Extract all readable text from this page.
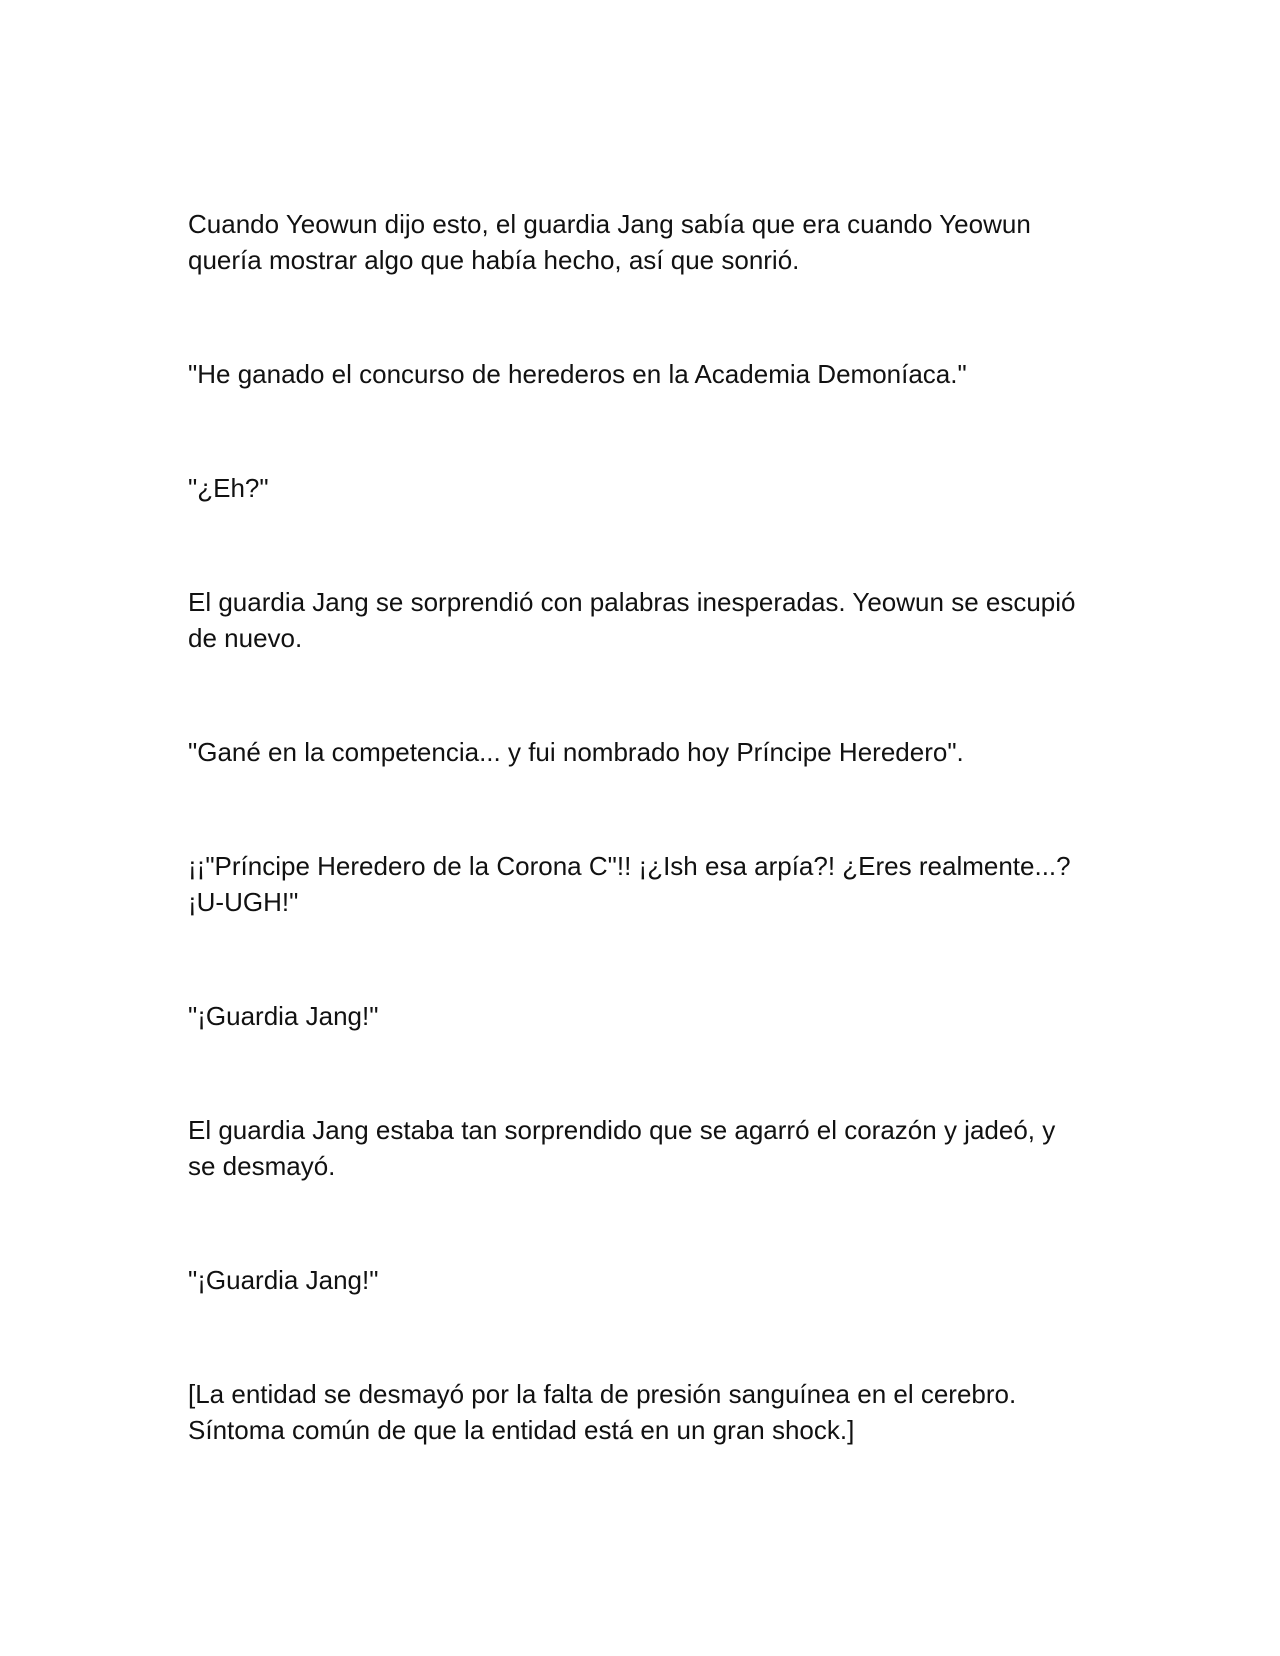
Cuando Yeowun dijo esto, el guardia Jang sabía que era cuando Yeowun quería mostrar algo que había hecho, así que sonrió.

"He ganado el concurso de herederos en la Academia Demoníaca."

"¿Eh?"

El guardia Jang se sorprendió con palabras inesperadas. Yeowun se escupió de nuevo.

"Gané en la competencia... y fui nombrado hoy Príncipe Heredero".

¡¡"Príncipe Heredero de la Corona C"!! ¡¿Ish esa arpía?! ¿Eres realmente...? ¡U-UGH!"

"¡Guardia Jang!"

El guardia Jang estaba tan sorprendido que se agarró el corazón y jadeó, y se desmayó.

"¡Guardia Jang!"

[La entidad se desmayó por la falta de presión sanguínea en el cerebro. Síntoma común de que la entidad está en un gran shock.]
